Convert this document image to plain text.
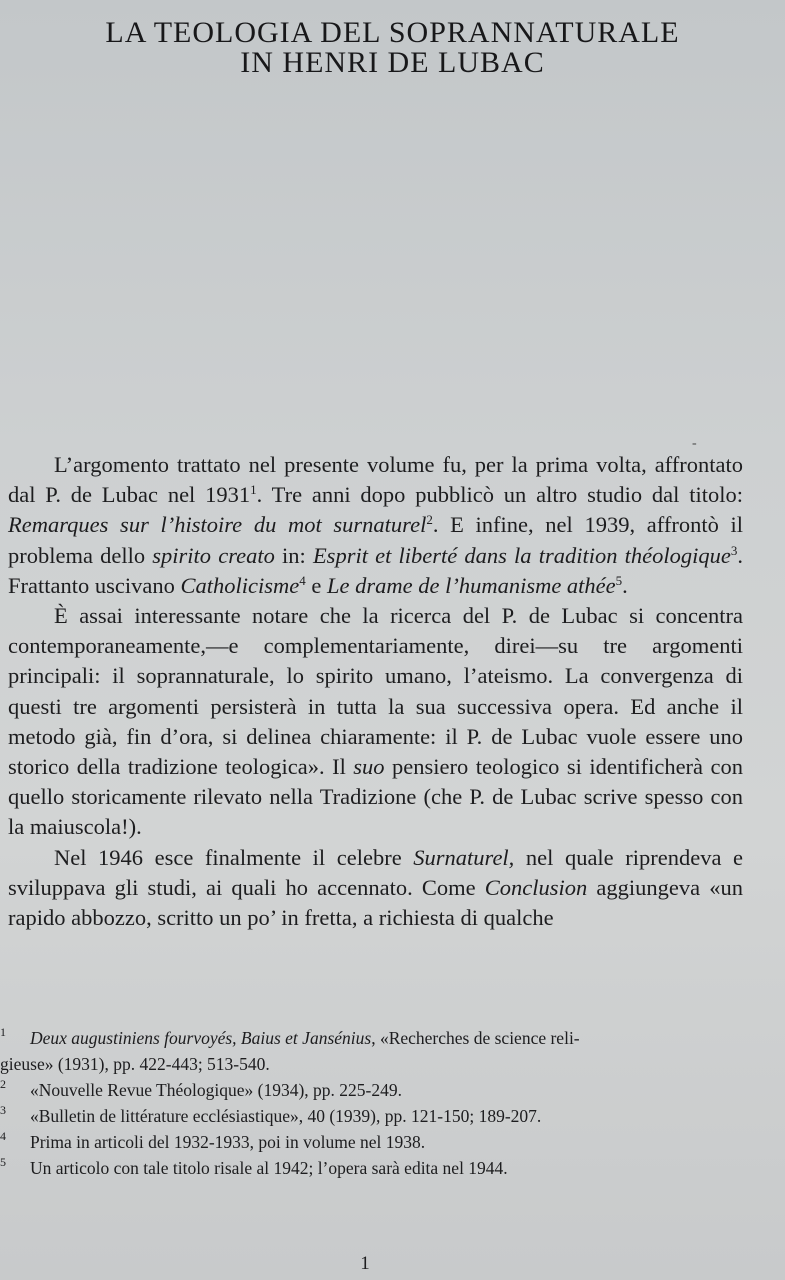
LA TEOLOGIA DEL SOPRANNATURALE
IN HENRI DE LUBAC
-

L’argomento trattato nel presente volume fu, per la prima volta, affrontato dal P. de Lubac nel 1931$^1$. Tre anni dopo pubblicò un altro studio dal titolo: Remarques sur l’histoire du mot surnaturel$^2$. E infine, nel 1939, affrontò il problema dello spirito creato in: Esprit et liberté dans la tradition théologique$^3$. Frattanto uscivano Catholicisme$^4$ e Le drame de l’humanisme athée$^5$.

È assai interessante notare che la ricerca del P. de Lubac si concentra contemporaneamente,—e complementariamente, direi—su tre argomenti principali: il soprannaturale, lo spirito umano, l’ateismo. La convergenza di questi tre argomenti persisterà in tutta la sua successiva opera. Ed anche il metodo già, fin d’ora, si delinea chiaramente: il P. de Lubac vuole essere uno storico della tradizione teologica». Il suo pensiero teologico si identificherà con quello storicamente rilevato nella Tradizione (che P. de Lubac scrive spesso con la maiuscola!).

Nel 1946 esce finalmente il celebre Surnaturel, nel quale riprendeva e sviluppava gli studi, ai quali ho accennato. Come Conclusion aggiungeva «un rapido abbozzo, scritto un po’ in fretta, a richiesta di qualche

1 Deux augustiniens fourvoyés, Baius et Jansénius, «Recherches de science reli-
gieuse» (1931), pp. 422-443; 513-540.
2 «Nouvelle Revue Théologique» (1934), pp. 225-249.
3 «Bulletin de littérature ecclésiastique», 40 (1939), pp. 121-150; 189-207.
4 Prima in articoli del 1932-1933, poi in volume nel 1938.
5 Un articolo con tale titolo risale al 1942; l’opera sarà edita nel 1944.
1
